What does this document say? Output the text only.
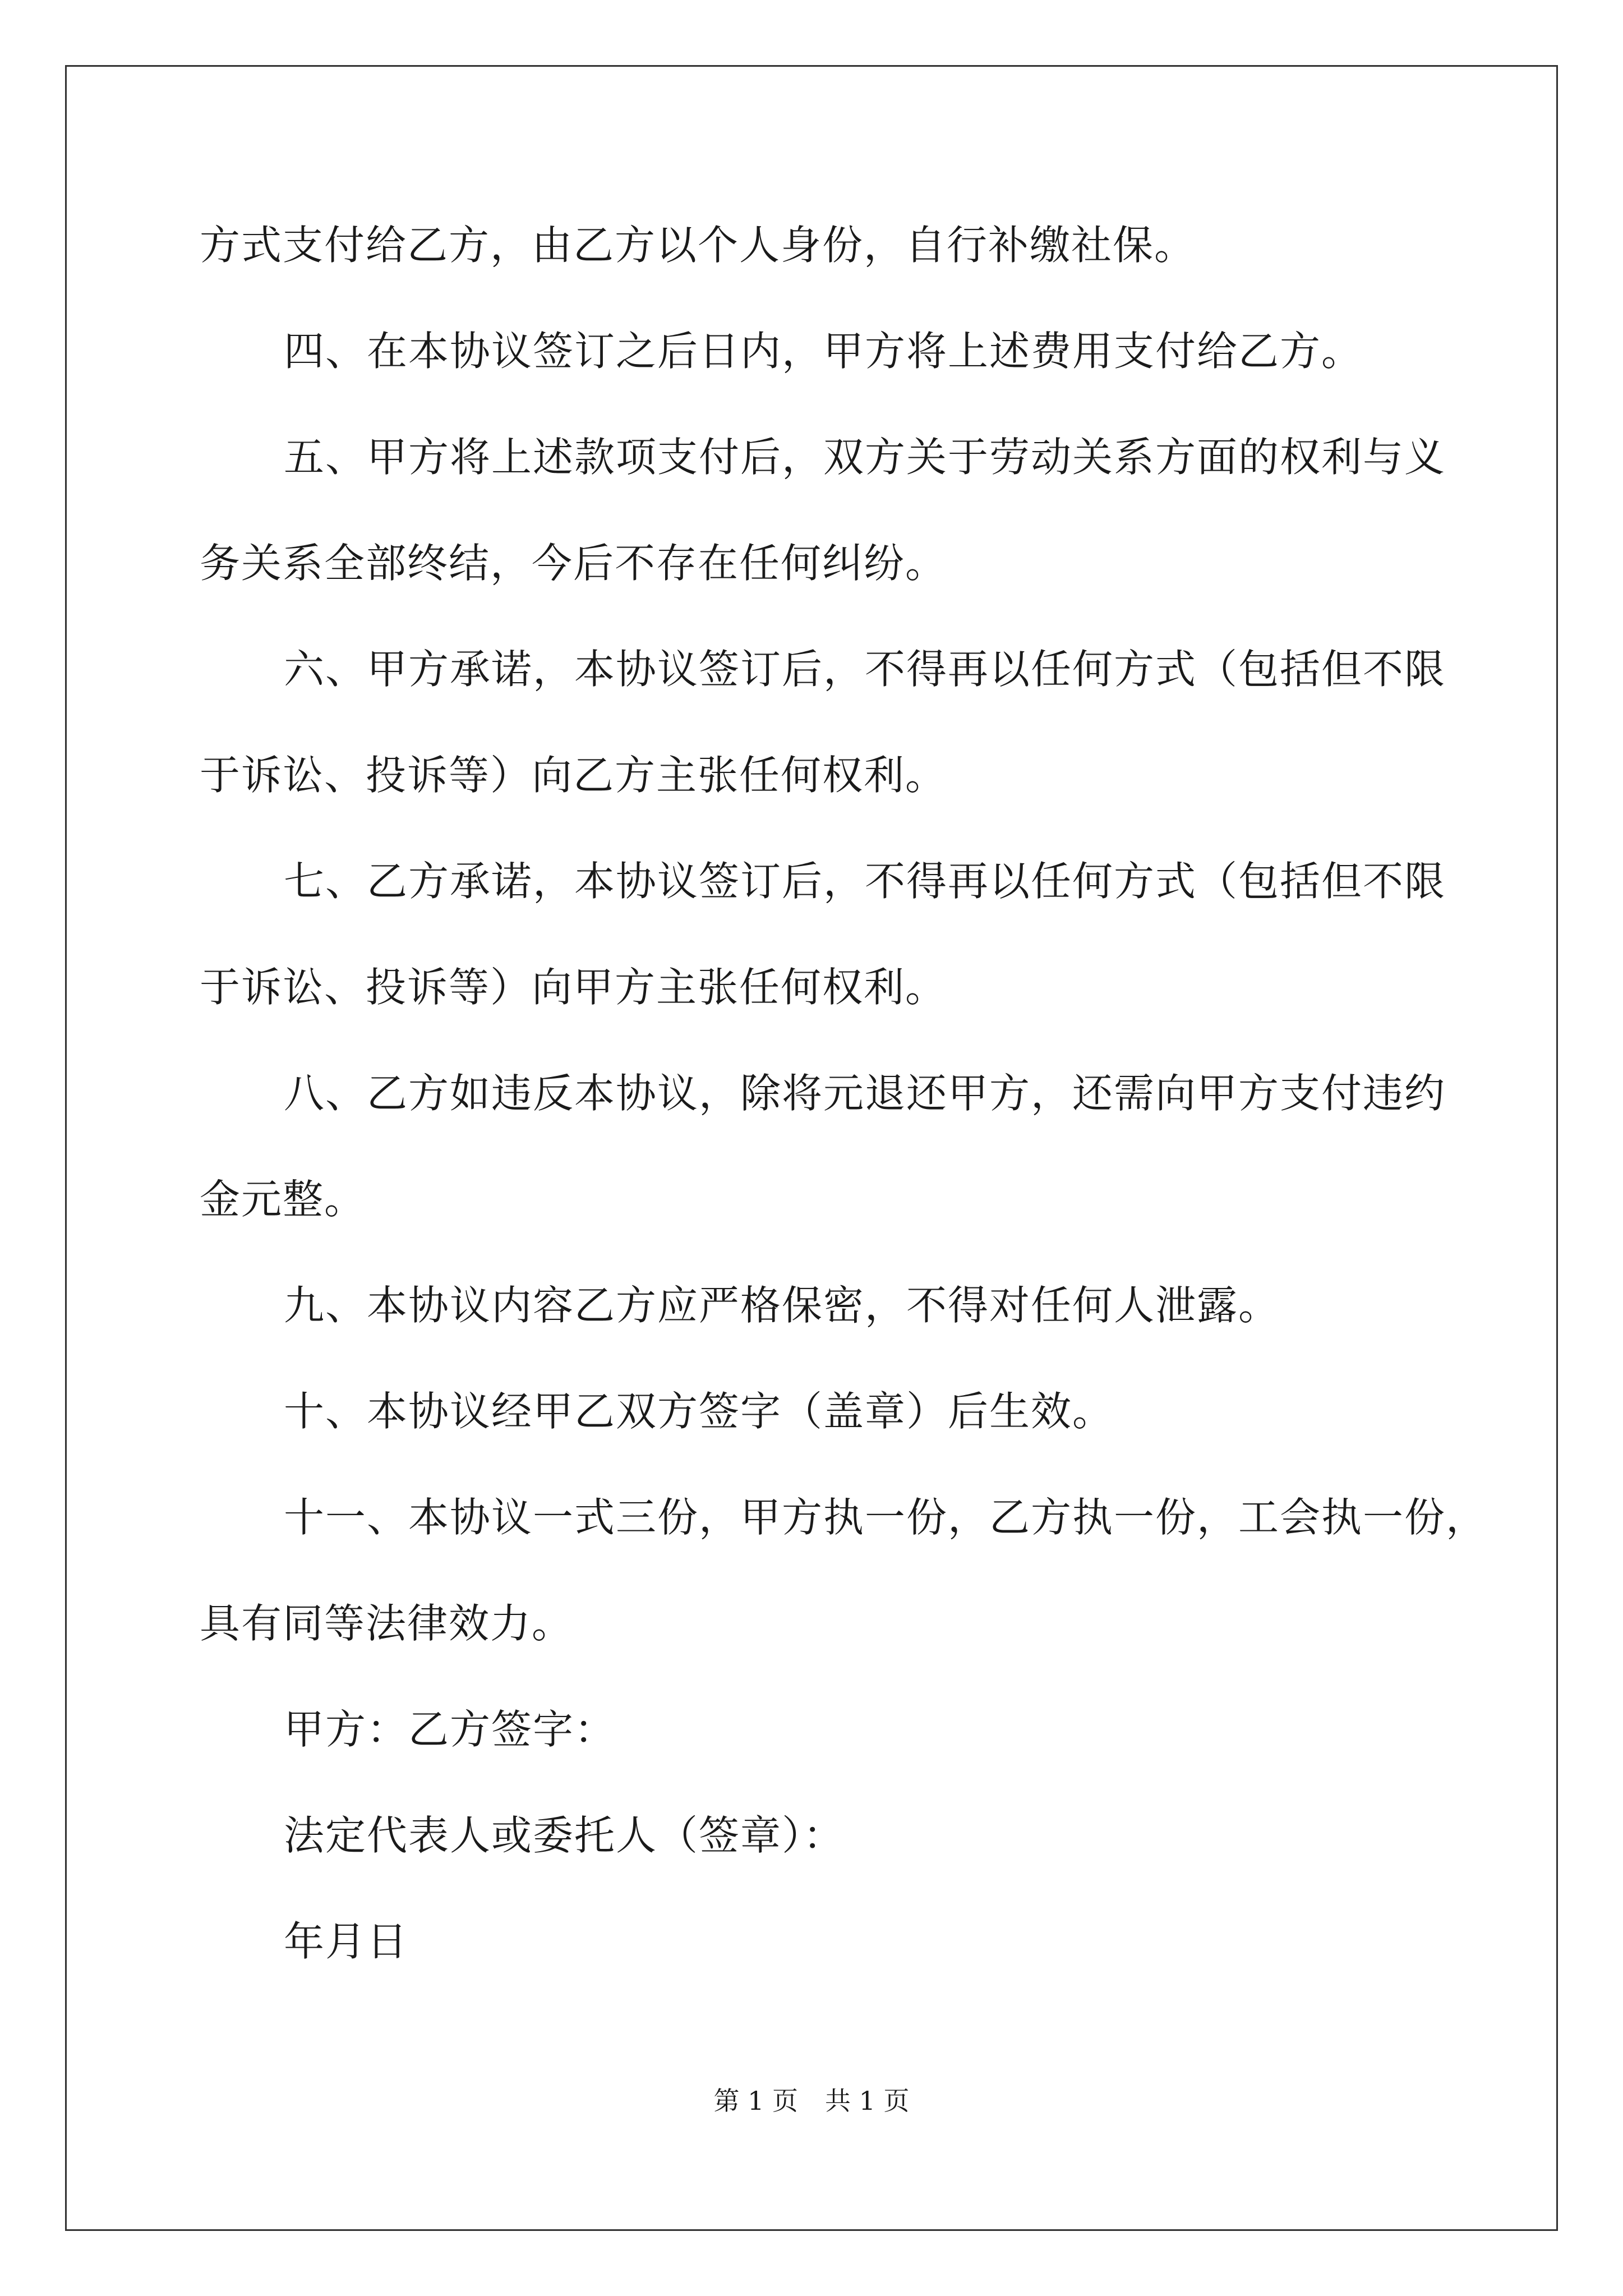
方式支付给乙方，由乙方以个人身份，自行补缴社保。
四、在本协议签订之后日内，甲方将上述费用支付给乙方。
五、甲方将上述款项支付后，双方关于劳动关系方面的权利与义
务关系全部终结，今后不存在任何纠纷。
六、甲方承诺，本协议签订后，不得再以任何方式（包括但不限
于诉讼、投诉等）向乙方主张任何权利。
七、乙方承诺，本协议签订后，不得再以任何方式（包括但不限
于诉讼、投诉等）向甲方主张任何权利。
八、乙方如违反本协议，除将元退还甲方，还需向甲方支付违约
金元整。
九、本协议内容乙方应严格保密，不得对任何人泄露。
十、本协议经甲乙双方签字（盖章）后生效。
十一、本协议一式三份，甲方执一份，乙方执一份，工会执一份，
具有同等法律效力。
甲方：乙方签字：
法定代表人或委托人（签章）：
年月日
第 1 页 共 1 页
